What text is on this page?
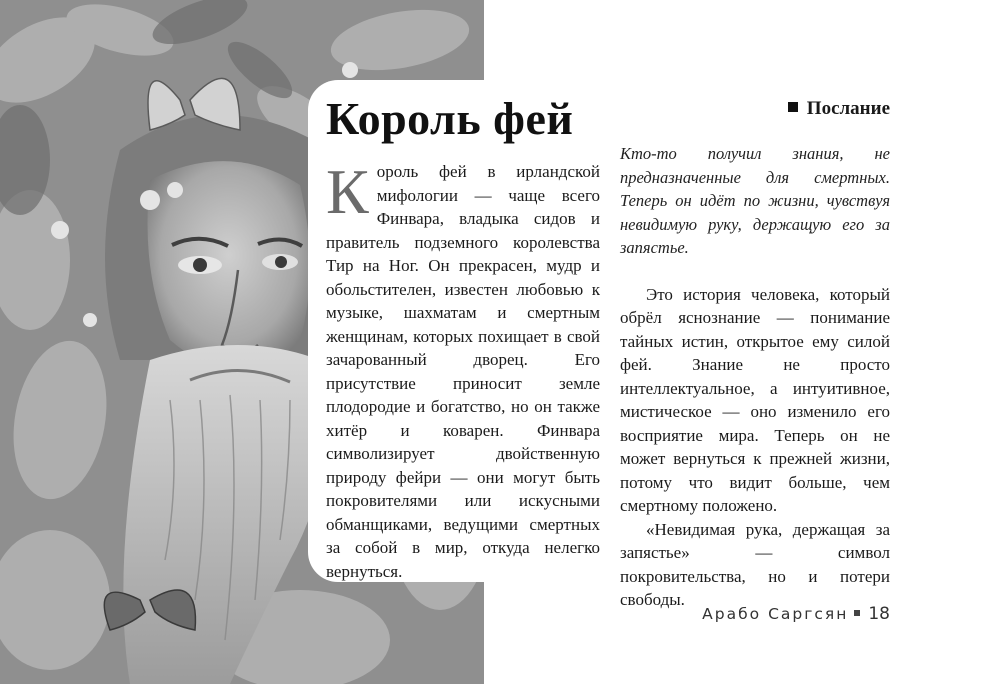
Король фей
Король фей в ирландской мифологии — чаще всего Финвара, владыка сидов и правитель подземного королевства Тир на Ног. Он прекрасен, мудр и обольстителен, известен любовью к музыке, шахматам и смертным женщинам, которых похищает в свой зачарованный дворец. Его присутствие приносит земле плодородие и богатство, но он также хитёр и коварен. Финвара символизирует двойственную природу фейри — они могут быть покровителями или искусными обманщиками, ведущими смертных за собой в мир, откуда нелегко вернуться.
Послание
Кто-то получил знания, не предназначенные для смертных. Теперь он идёт по жизни, чувствуя невидимую руку, держащую его за запястье.

Это история человека, который обрёл яснознание — понимание тайных истин, открытое ему силой фей. Знание не просто интеллектуальное, а интуитивное, мистическое — оно изменило его восприятие мира. Теперь он не может вернуться к прежней жизни, потому что видит больше, чем смертному положено.

«Невидимая рука, держащая за запястье» — символ покровительства, но и потери свободы.

Арабо Саргсян 18
